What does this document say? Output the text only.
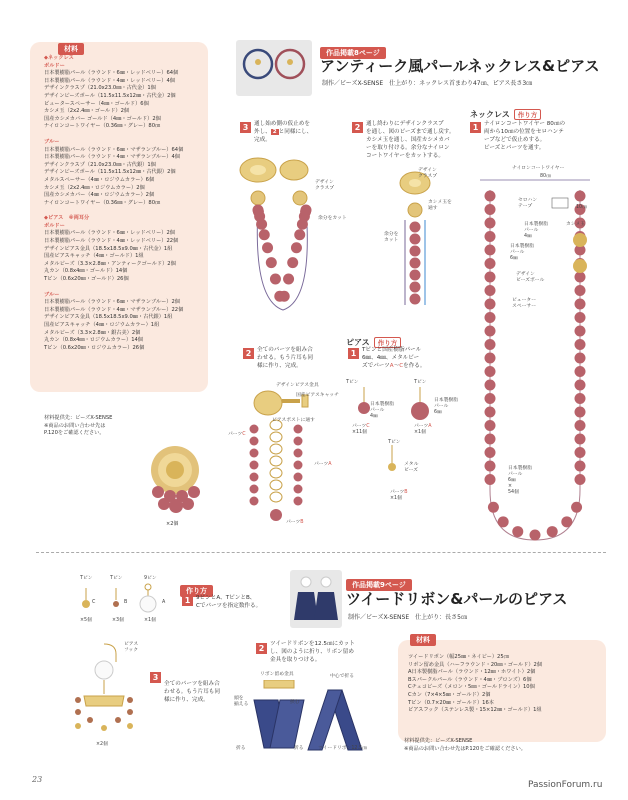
材料
◆ネックレス
ボルドー
日本製樹脂パール（ラウンド・6㎜・レッドベリー）64個
日本製樹脂パール（ラウンド・4㎜・レッドベリー）4個
デザインクラスプ（21.0x23.0㎜・古代金）1個
デザインビーズボール（11.5x11.5x12㎜・古代金）2個
ピュータースペーサー（4㎜・ゴールド）6個
カシメ玉（2x2.4㎜・ゴールド）2個
国産カシメカバー ゴールド（4㎜・ゴールド）2個
ナイロンコートワイヤー（0.36㎜・グレー）80㎝
ブルー
日本製樹脂パール（ラウンド・6㎜・マザランブルー）64個
日本製樹脂パール（ラウンド・4㎜・マザランブルー）4個
デザインクラスプ（21.0x23.0㎜・古代銀）1個
デザインビーズボール（11.5x11.5x12㎜・古代銀）2個
メタルスペーサー（4㎜・ロジウムカラー）6個
カシメ玉（2x2.4㎜・ロジウムカラー）2個
国産カシメカバー（4㎜・ロジウムカラー）2個
ナイロンコートワイヤー（0.36㎜・グレー）80㎝
◆ピアス　 ※両耳分
ボルドー
日本製樹脂パール（ラウンド・6㎜・レッドベリー）2個
日本製樹脂パール（ラウンド・4㎜・レッドベリー）22個
デザインピアス金具（18.5x18.5x9.0㎜・古代金）1組
国産ピアスキャッチ（4㎜・ゴールド）1組
メタルビーズ（3.3×2.8㎜・アンティークゴールド）2個
丸カン（0.8x4㎜・ゴールド）14個
Tピン（0.6x20㎜・ゴールド）26個
ブルー
日本製樹脂パール（ラウンド・6㎜・マザランブルー）2個
日本製樹脂パール（ラウンド・4㎜・マザランブルー）22個
デザインピアス金具（18.5x18.5x9.0㎜・古代銀）1組
国産ピアスキャッチ（4㎜・ロジウムカラー）1組
メタルビーズ（3.3×2.8㎜・銀古美）2個
丸カン（0.8x4㎜・ロジウムカラー）14個
Tピン（0.6x20㎜・ロジウムカラー）26個
材料提供先：ビーズX-SENSE
※商品のお問い合わせ先は
P.120をご確認ください。
×2個
作品掲載8ページ
アンティーク風パールネックレス&ピアス
制作／ビーズX-SENSE　仕上がり：ネックレス首まわり47㎝、ピアス長さ3㎝
ネックレス 作り方
1	ナイロンコートワイヤー 80㎝の
両から10㎝の位置をセロハンテ
ープなどで仮止めする。
ビーズとパーツを通す。
2	通し終わりにデザインクラスプ
を通し、図のビーズまで通し戻す。
カシメ玉を通し、国産カシメカバ
ーを取り付ける。余分なナイロン
コートワイヤーをカットする。
3	通し始め側の仮止めを
外し、 2 と同様にし、
完成。
デザイン
クラスプ
カシメ玉を
通す
余分を
カット
デザイン
クラスプ
余分をカット
ナイロンコートワイヤー
80㎝
セロハン
テープ	10㎝
カシメ玉
日本製樹脂
パール
4㎜
日本製樹脂
パール
6㎜
デザイン
ビーズボール
ピューター
スペーサー
日本製樹脂
パール
6㎜
×
54個
ピアス 作り方
1	Tピンと国産樹脂パール
6㎜、4㎜、メタルビー
ズでパーツA〜Cを作る。
Tピン	Tピン
Tピン
日本製樹脂
パール
4㎜
日本製樹脂
パール
6㎜
メタル
ビーズ
パーツC
×11個
パーツA
×1個
パーツB
×1個
2	全てのパーツを組み合
わせる。もう片耳も同
様に作り、完成。
デザインピアス金具
国産ピアスキャッチ
ピアスポストに通す
パーツC
パーツA
パーツB
作品掲載9ページ
ツイードリボン&パールのピアス
制作／ビーズX-SENSE　仕上がり：長さ5㎝
作り方
1	9ピンとA、TピンとB、
Cでパーツを指定数作る。
Tピン	Tピン	9ピン
C	B	A
×5個	×3個	×1個
2	ツイードリボンを12.5㎝にカット
し、図のように折り、リボン留め
金具を取りつける。
リボン留め金具	中心で折る
頭を
揃える	挟む
折る	折る	ツイードリボン12.5㎝
3
全てのパーツを組み合
わせる。もう片耳も同
様に作り、完成。
ピアス
フック
×2個
材料
ツイードリボン（幅25㎜・ネイビー）25㎝
リボン留め金具（ハーフラウンド・20㎜・ゴールド）2個
A日本製樹脂パール（ラウンド・12㎜・ホワイト）2個
Bスパークルパール（ラウンド・4㎜・ブロンズ）6個
Cチェコビーズ（メロン・5㎜・ゴールドライン）10個
Cカン（7×4×5㎜・ゴールド）2個
Tピン（0.7×20㎜・ゴールド）16本
ピアスフック（ステンレス製・15×12㎜・ゴールド）1組
材料提供先：ビーズX-SENSE
※商品のお問い合わせ先はP.120をご確認ください。
23
PassionForum.ru
